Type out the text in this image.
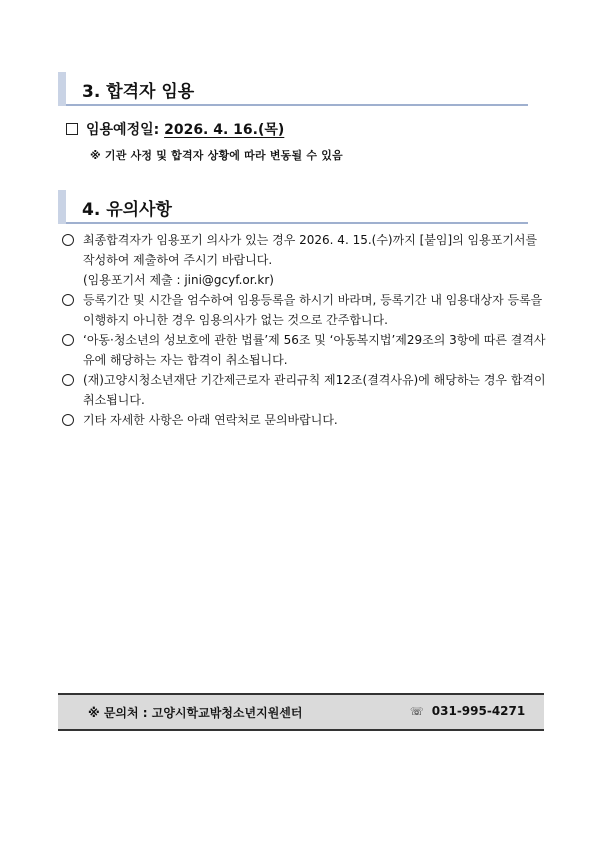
3. 합격자 임용
임용예정일: 2026. 4. 16.(목)
※ 기관 사정 및 합격자 상황에 따라 변동될 수 있음
4. 유의사항
최종합격자가 임용포기 의사가 있는 경우 2026. 4. 15.(수)까지 [붙임]의 임용포기서를 작성하여 제출하여 주시기 바랍니다.
(임용포기서 제출 : jini@gcyf.or.kr)
등록기간 및 시간을 엄수하여 임용등록을 하시기 바라며, 등록기간 내 임용대상자 등록을 이행하지 아니한 경우 임용의사가 없는 것으로 간주합니다.
‘아동·청소년의 성보호에 관한 법률’제 56조 및 ‘아동복지법’제29조의 3항에 따른 결격사유에 해당하는 자는 합격이 취소됩니다.
(재)고양시청소년재단 기간제근로자 관리규칙 제12조(결격사유)에 해당하는 경우 합격이 취소됩니다.
기타 자세한 사항은 아래 연락처로 문의바랍니다.
※ 문의처 : 고양시학교밖청소년지원센터	☏ 031-995-4271
